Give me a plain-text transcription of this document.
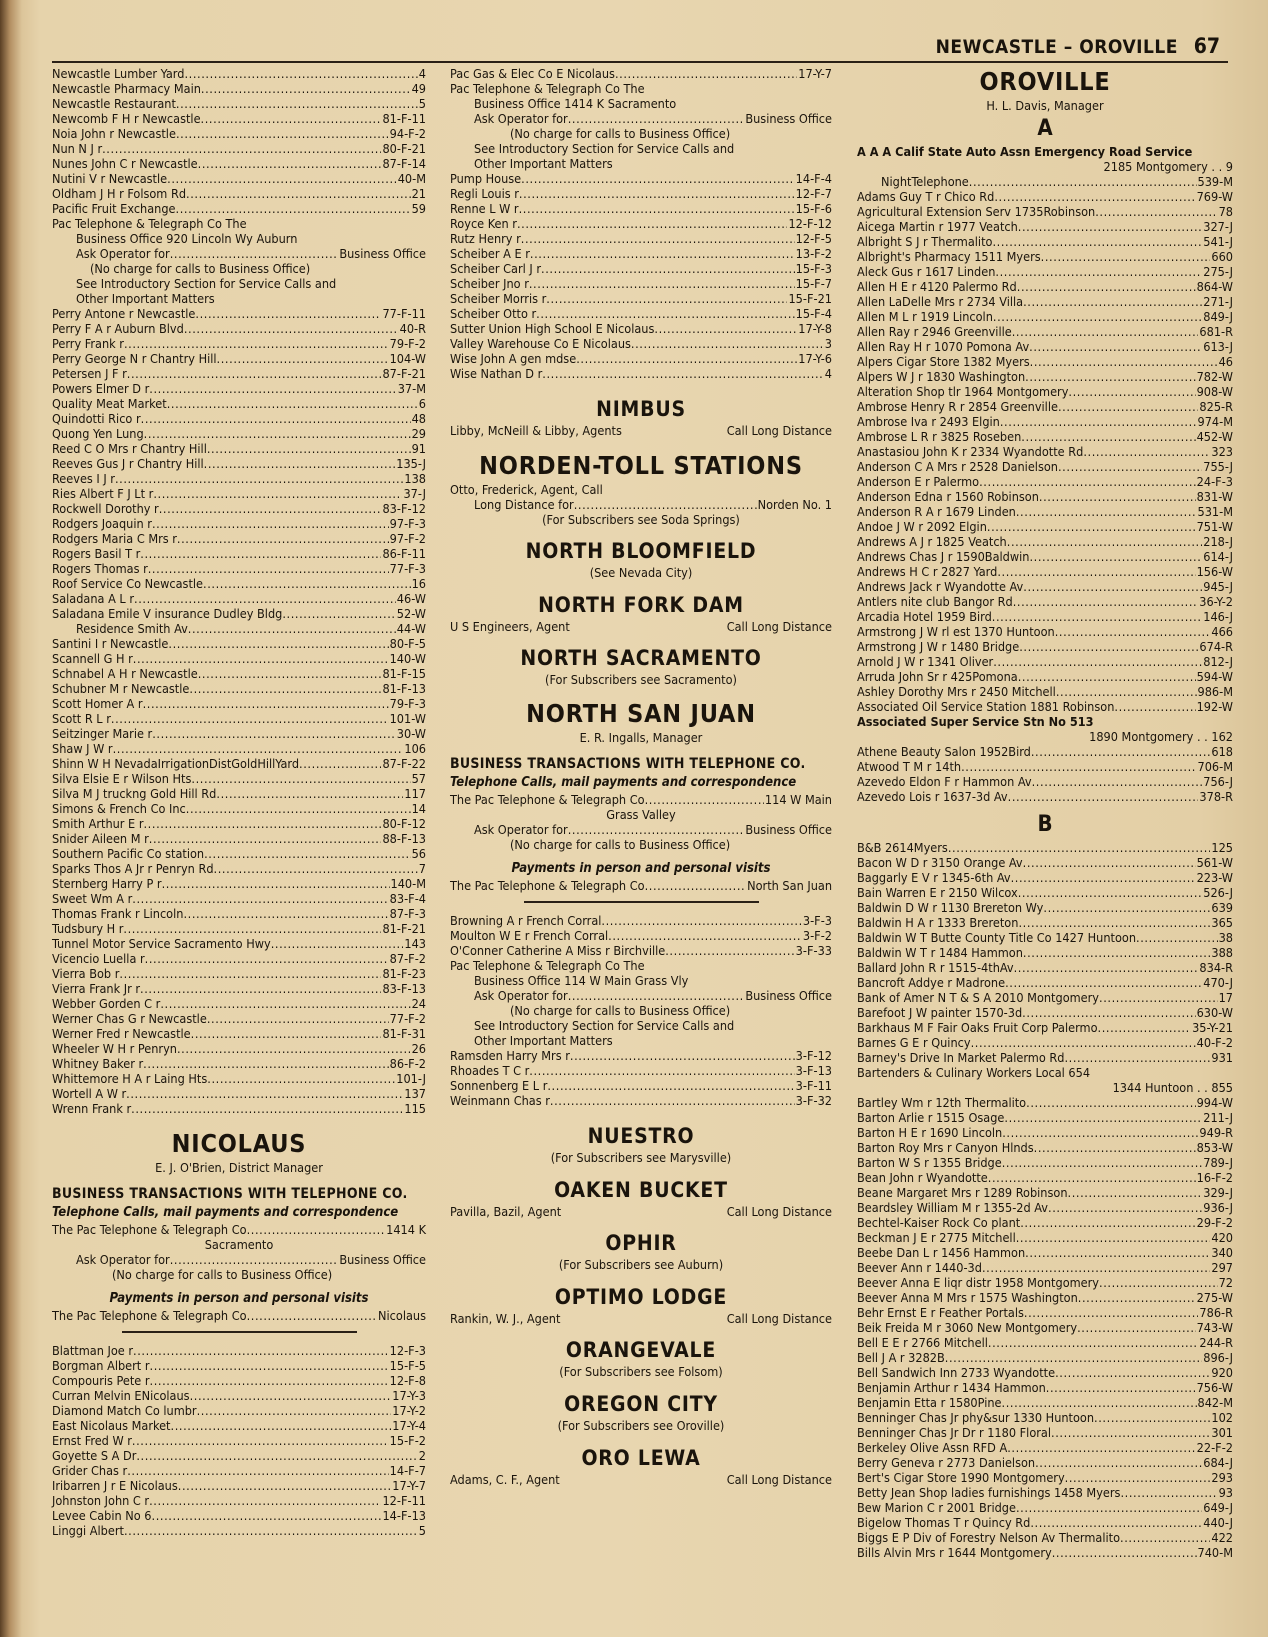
NEWCASTLE – OROVILLE 67
Newcastle Lumber Yard . . .	4
Newcastle Pharmacy Main . . .	49
Newcastle Restaurant . . .	5
Newcomb F H r Newcastle . . .	81-F-11
Noia John r Newcastle . . .	94-F-2
Nun N J r . . .	80-F-21
Nunes John C r Newcastle . . .	87-F-14
Nutini V r Newcastle . . .	40-M
Oldham J H r Folsom Rd . . .	21
Pacific Fruit Exchange . . .	59
Pac Telephone & Telegraph Co The
Business Office 920 Lincoln Wy Auburn
Ask Operator for . . .	Business Office
(No charge for calls to Business Office)
See Introductory Section for Service Calls and
Other Important Matters
Perry Antone r Newcastle . . .	77-F-11
Perry F A r Auburn Blvd . . .	40-R
Perry Frank r . . .	79-F-2
Perry George N r Chantry Hill . . .	104-W
Petersen J F r . . .	87-F-21
Powers Elmer D r . . .	37-M
Quality Meat Market . . .	6
Quindotti Rico r . . .	48
Quong Yen Lung . . .	29
Reed C O Mrs r Chantry Hill . . .	91
Reeves Gus J r Chantry Hill . . .	135-J
Reeves I J r . . .	138
Ries Albert F J Lt r . . .	37-J
Rockwell Dorothy r . . .	83-F-12
Rodgers Joaquin r . . .	97-F-3
Rodgers Maria C Mrs r . . .	97-F-2
Rogers Basil T r . . .	86-F-11
Rogers Thomas r . . .	77-F-3
Roof Service Co Newcastle . . .	16
Saladana A L r . . .	46-W
Saladana Emile V insurance Dudley Bldg . . .	52-W
Residence Smith Av . . .	44-W
Santini I r Newcastle . . .	80-F-5
Scannell G H r . . .	140-W
Schnabel A H r Newcastle . . .	81-F-15
Schubner M r Newcastle . . .	81-F-13
Scott Homer A r . . .	79-F-3
Scott R L r . . .	101-W
Seitzinger Marie r . . .	30-W
Shaw J W r . . .	106
Shinn W H NevadaIrrigationDistGoldHillYard . . .	87-F-22
Silva Elsie E r Wilson Hts . . .	57
Silva M J truckng Gold Hill Rd . . .	117
Simons & French Co Inc . . .	14
Smith Arthur E r . . .	80-F-12
Snider Aileen M r . . .	88-F-13
Southern Pacific Co station . . .	56
Sparks Thos A Jr r Penryn Rd . . .	7
Sternberg Harry P r . . .	140-M
Sweet Wm A r . . .	83-F-4
Thomas Frank r Lincoln . . .	87-F-3
Tudsbury H r . . .	81-F-21
Tunnel Motor Service Sacramento Hwy . . .	143
Vicencio Luella r . . .	87-F-2
Vierra Bob r . . .	81-F-23
Vierra Frank Jr r . . .	83-F-13
Webber Gorden C r . . .	24
Werner Chas G r Newcastle . . .	77-F-2
Werner Fred r Newcastle . . .	81-F-31
Wheeler W H r Penryn . . .	26
Whitney Baker r . . .	86-F-2
Whittemore H A r Laing Hts . . .	101-J
Wortell A W r . . .	137
Wrenn Frank r . . .	115
NICOLAUS
E. J. O'Brien, District Manager
BUSINESS TRANSACTIONS WITH TELEPHONE CO.
Telephone Calls, mail payments and correspondence
The Pac Telephone & Telegraph Co . . .	1414 K
Sacramento
Ask Operator for . . .	Business Office
(No charge for calls to Business Office)
Payments in person and personal visits
The Pac Telephone & Telegraph Co . . .	Nicolaus
Blattman Joe r . . .	12-F-3
Borgman Albert r . . .	15-F-5
Compouris Pete r . . .	12-F-8
Curran Melvin ENicolaus . . .	17-Y-3
Diamond Match Co lumbr . . .	17-Y-2
East Nicolaus Market . . .	17-Y-4
Ernst Fred W r . . .	15-F-2
Goyette S A Dr . . .	2
Grider Chas r . . .	14-F-7
Iribarren J r E Nicolaus . . .	17-Y-7
Johnston John C r . . .	12-F-11
Levee Cabin No 6 . . .	14-F-13
Linggi Albert . . .	5
Pac Gas & Elec Co E Nicolaus . . .	17-Y-7
Pac Telephone & Telegraph Co The
Business Office 1414 K Sacramento
Ask Operator for . . .	Business Office
(No charge for calls to Business Office)
See Introductory Section for Service Calls and
Other Important Matters
Pump House . . .	14-F-4
Regli Louis r . . .	12-F-7
Renne L W r . . .	15-F-6
Royce Ken r . . .	12-F-12
Rutz Henry r . . .	12-F-5
Scheiber A E r . . .	13-F-2
Scheiber Carl J r . . .	15-F-3
Scheiber Jno r . . .	15-F-7
Scheiber Morris r . . .	15-F-21
Scheiber Otto r . . .	15-F-4
Sutter Union High School E Nicolaus . . .	17-Y-8
Valley Warehouse Co E Nicolaus . . .	3
Wise John A gen mdse . . .	17-Y-6
Wise Nathan D r . . .	4
NIMBUS
Libby, McNeill & Libby, Agents	Call Long Distance
NORDEN-TOLL STATIONS
Otto, Frederick, Agent, Call
Long Distance for . . .	Norden No. 1
(For Subscribers see Soda Springs)
NORTH BLOOMFIELD
(See Nevada City)
NORTH FORK DAM
U S Engineers, Agent	Call Long Distance
NORTH SACRAMENTO
(For Subscribers see Sacramento)
NORTH SAN JUAN
E. R. Ingalls, Manager
BUSINESS TRANSACTIONS WITH TELEPHONE CO.
Telephone Calls, mail payments and correspondence
The Pac Telephone & Telegraph Co . . .	114 W Main
Grass Valley
Ask Operator for . . .	Business Office
(No charge for calls to Business Office)
Payments in person and personal visits
The Pac Telephone & Telegraph Co . . .	North San Juan
Browning A r French Corral . . .	3-F-3
Moulton W E r French Corral . . .	3-F-2
O'Conner Catherine A Miss r Birchville . . .	3-F-33
Pac Telephone & Telegraph Co The
Business Office 114 W Main Grass Vly
Ask Operator for . . .	Business Office
(No charge for calls to Business Office)
See Introductory Section for Service Calls and
Other Important Matters
Ramsden Harry Mrs r . . .	3-F-12
Rhoades T C r . . .	3-F-13
Sonnenberg E L r . . .	3-F-11
Weinmann Chas r . . .	3-F-32
NUESTRO
(For Subscribers see Marysville)
OAKEN BUCKET
Pavilla, Bazil, Agent	Call Long Distance
OPHIR
(For Subscribers see Auburn)
OPTIMO LODGE
Rankin, W. J., Agent	Call Long Distance
ORANGEVALE
(For Subscribers see Folsom)
OREGON CITY
(For Subscribers see Oroville)
ORO LEWA
Adams, C. F., Agent	Call Long Distance
OROVILLE
H. L. Davis, Manager
A
A A A Calif State Auto Assn Emergency Road Service
2185 Montgomery . . 9
NightTelephone . . .	539-M
Adams Guy T r Chico Rd . . .	769-W
Agricultural Extension Serv 1735Robinson . . .	78
Aicega Martin r 1977 Veatch . . .	327-J
Albright S J r Thermalito . . .	541-J
Albright's Pharmacy 1511 Myers . . .	660
Aleck Gus r 1617 Linden . . .	275-J
Allen H E r 4120 Palermo Rd . . .	864-W
Allen LaDelle Mrs r 2734 Villa . . .	271-J
Allen M L r 1919 Lincoln . . .	849-J
Allen Ray r 2946 Greenville . . .	681-R
Allen Ray H r 1070 Pomona Av . . .	613-J
Alpers Cigar Store 1382 Myers . . .	46
Alpers W J r 1830 Washington . . .	782-W
Alteration Shop tlr 1964 Montgomery . . .	908-W
Ambrose Henry R r 2854 Greenville . . .	825-R
Ambrose Iva r 2493 Elgin . . .	974-M
Ambrose L R r 3825 Roseben . . .	452-W
Anastasiou John K r 2334 Wyandotte Rd . . .	323
Anderson C A Mrs r 2528 Danielson . . .	755-J
Anderson E r Palermo . . .	24-F-3
Anderson Edna r 1560 Robinson . . .	831-W
Anderson R A r 1679 Linden . . .	531-M
Andoe J W r 2092 Elgin . . .	751-W
Andrews A J r 1825 Veatch . . .	218-J
Andrews Chas J r 1590Baldwin . . .	614-J
Andrews H C r 2827 Yard . . .	156-W
Andrews Jack r Wyandotte Av . . .	945-J
Antlers nite club Bangor Rd . . .	36-Y-2
Arcadia Hotel 1959 Bird . . .	146-J
Armstrong J W rl est 1370 Huntoon . . .	466
Armstrong J W r 1480 Bridge . . .	674-R
Arnold J W r 1341 Oliver . . .	812-J
Arruda John Sr r 425Pomona . . .	594-W
Ashley Dorothy Mrs r 2450 Mitchell . . .	986-M
Associated Oil Service Station 1881 Robinson . . .	192-W
Associated Super Service Stn No 513
1890 Montgomery . . 162
Athene Beauty Salon 1952Bird . . .	618
Atwood T M r 14th . . .	706-M
Azevedo Eldon F r Hammon Av . . .	756-J
Azevedo Lois r 1637-3d Av . . .	378-R
B
B&B 2614Myers . . .	125
Bacon W D r 3150 Orange Av . . .	561-W
Baggarly E V r 1345-6th Av . . .	223-W
Bain Warren E r 2150 Wilcox . . .	526-J
Baldwin D W r 1130 Brereton Wy . . .	639
Baldwin H A r 1333 Brereton . . .	365
Baldwin W T Butte County Title Co 1427 Huntoon . . .	38
Baldwin W T r 1484 Hammon . . .	388
Ballard John R r 1515-4thAv . . .	834-R
Bancroft Addye r Madrone . . .	470-J
Bank of Amer N T & S A 2010 Montgomery . . .	17
Barefoot J W painter 1570-3d . . .	630-W
Barkhaus M F Fair Oaks Fruit Corp Palermo . . .	35-Y-21
Barnes G E r Quincy . . .	40-F-2
Barney's Drive In Market Palermo Rd . . .	931
Bartenders & Culinary Workers Local 654
1344 Huntoon . . 855
Bartley Wm r 12th Thermalito . . .	994-W
Barton Arlie r 1515 Osage . . .	211-J
Barton H E r 1690 Lincoln . . .	949-R
Barton Roy Mrs r Canyon Hlnds . . .	853-W
Barton W S r 1355 Bridge . . .	789-J
Bean John r Wyandotte . . .	16-F-2
Beane Margaret Mrs r 1289 Robinson . . .	329-J
Beardsley William M r 1355-2d Av . . .	936-J
Bechtel-Kaiser Rock Co plant . . .	29-F-2
Beckman J E r 2775 Mitchell . . .	420
Beebe Dan L r 1456 Hammon . . .	340
Beever Ann r 1440-3d . . .	297
Beever Anna E liqr distr 1958 Montgomery . . .	72
Beever Anna M Mrs r 1575 Washington . . .	275-W
Behr Ernst E r Feather Portals . . .	786-R
Beik Freida M r 3060 New Montgomery . . .	743-W
Bell E E r 2766 Mitchell . . .	244-R
Bell J A r 3282B . . .	896-J
Bell Sandwich Inn 2733 Wyandotte . . .	920
Benjamin Arthur r 1434 Hammon . . .	756-W
Benjamin Etta r 1580Pine . . .	842-M
Benninger Chas Jr phy&sur 1330 Huntoon . . .	102
Benninger Chas Jr Dr r 1180 Floral . . .	301
Berkeley Olive Assn RFD A . . .	22-F-2
Berry Geneva r 2773 Danielson . . .	684-J
Bert's Cigar Store 1990 Montgomery . . .	293
Betty Jean Shop ladies furnishings 1458 Myers . . .	93
Bew Marion C r 2001 Bridge . . .	649-J
Bigelow Thomas T r Quincy Rd . . .	440-J
Biggs E P Div of Forestry Nelson Av Thermalito . . .	422
Bills Alvin Mrs r 1644 Montgomery . . .	740-M
